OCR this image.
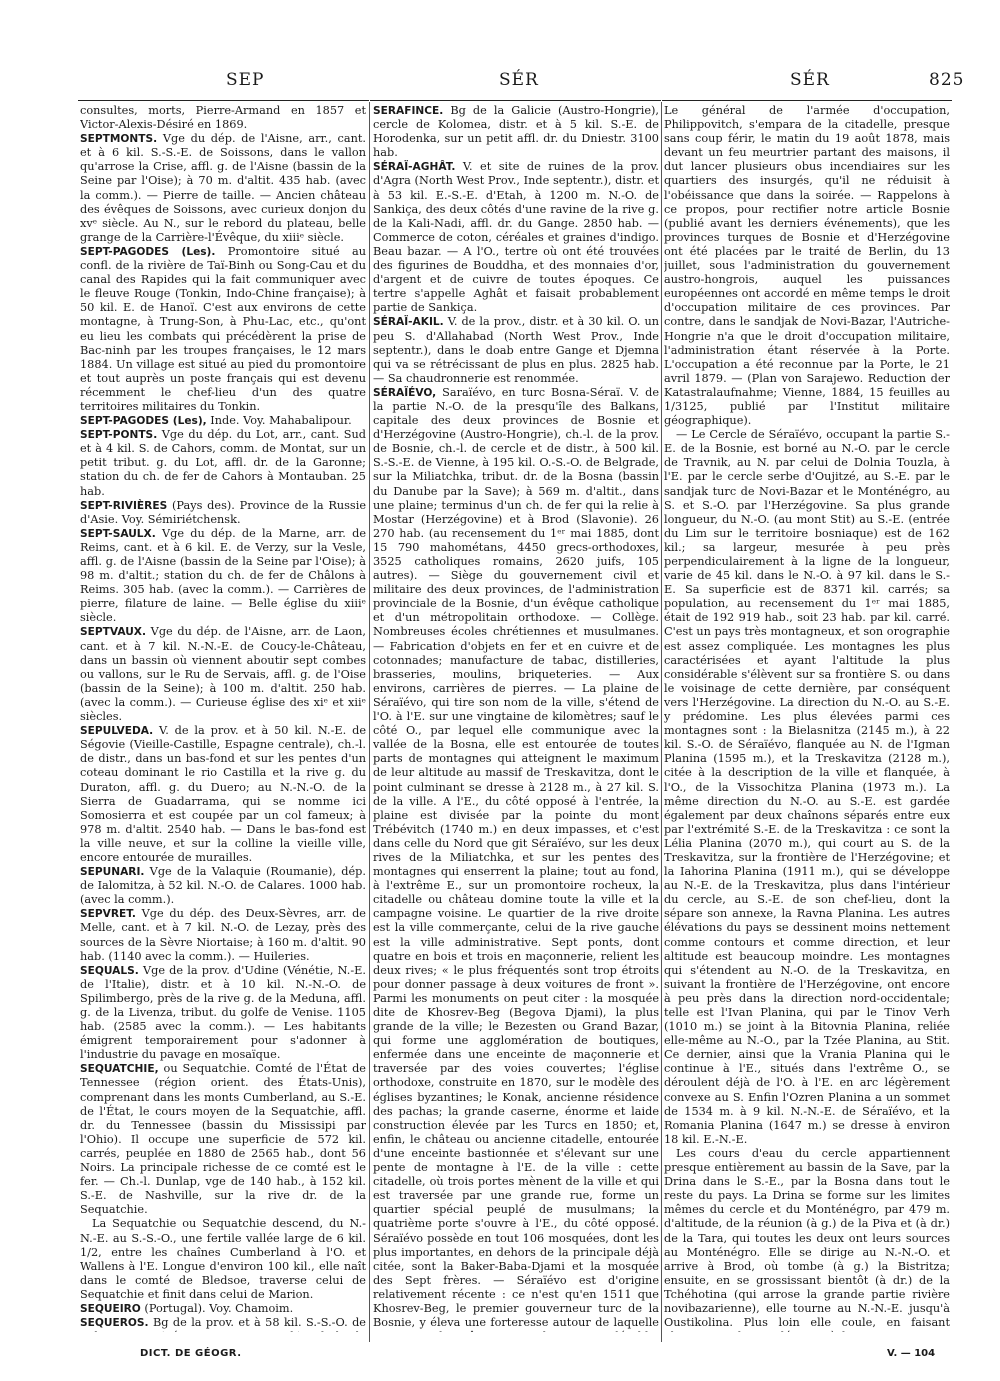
SEP	SÉR	SÉR	825

consultes, morts, Pierre-Armand en 1857 et Victor-Alexis-Désiré en 1869.

SEPTMONTS. Vge du dép. de l'Aisne, arr., cant. et à 6 kil. S.-S.-E. de Soissons, dans le vallon qu'arrose la Crise, affl. g. de l'Aisne (bassin de la Seine par l'Oise); à 70 m. d'altit. 435 hab. (avec la comm.). — Pierre de taille. — Ancien château des évêques de Soissons, avec curieux donjon du xvᵉ siècle. Au N., sur le rebord du plateau, belle grange de la Carrière-l'Évêque, du xiiiᵉ siècle.

SEPT-PAGODES (Les). Promontoire situé au confl. de la rivière de Taï-Binh ou Song-Cau et du canal des Rapides qui la fait communiquer avec le fleuve Rouge (Tonkin, Indo-Chine française); à 50 kil. E. de Hanoï. C'est aux environs de cette montagne, à Trung-Son, à Phu-Lac, etc., qu'ont eu lieu les combats qui précédèrent la prise de Bac-ninh par les troupes françaises, le 12 mars 1884. Un village est situé au pied du promontoire et tout auprès un poste français qui est devenu récemment le chef-lieu d'un des quatre territoires militaires du Tonkin.

SEPT-PAGODES (Les), Inde. Voy. Mahabalipour.

SEPT-PONTS. Vge du dép. du Lot, arr., cant. Sud et à 4 kil. S. de Cahors, comm. de Montat, sur un petit tribut. g. du Lot, affl. dr. de la Garonne; station du ch. de fer de Cahors à Montauban. 25 hab.

SEPT-RIVIÈRES (Pays des). Province de la Russie d'Asie. Voy. Sémiriétchensk.

SEPT-SAULX. Vge du dép. de la Marne, arr. de Reims, cant. et à 6 kil. E. de Verzy, sur la Vesle, affl. g. de l'Aisne (bassin de la Seine par l'Oise); à 98 m. d'altit.; station du ch. de fer de Châlons à Reims. 305 hab. (avec la comm.). — Carrières de pierre, filature de laine. — Belle église du xiiiᵉ siècle.

SEPTVAUX. Vge du dép. de l'Aisne, arr. de Laon, cant. et à 7 kil. N.-N.-E. de Coucy-le-Château, dans un bassin où viennent aboutir sept combes ou vallons, sur le Ru de Servais, affl. g. de l'Oise (bassin de la Seine); à 100 m. d'altit. 250 hab. (avec la comm.). — Curieuse église des xiᵉ et xiiᵉ siècles.

SEPULVEDA. V. de la prov. et à 50 kil. N.-E. de Ségovie (Vieille-Castille, Espagne centrale), ch.-l. de distr., dans un bas-fond et sur les pentes d'un coteau dominant le rio Castilla et la rive g. du Duraton, affl. g. du Duero; au N.-N.-O. de la Sierra de Guadarrama, qui se nomme ici Somosierra et est coupée par un col fameux; à 978 m. d'altit. 2540 hab. — Dans le bas-fond est la ville neuve, et sur la colline la vieille ville, encore entourée de murailles.

SEPUNARI. Vge de la Valaquie (Roumanie), dép. de Ialomitza, à 52 kil. N.-O. de Calares. 1000 hab. (avec la comm.).

SEPVRET. Vge du dép. des Deux-Sèvres, arr. de Melle, cant. et à 7 kil. N.-O. de Lezay, près des sources de la Sèvre Niortaise; à 160 m. d'altit. 90 hab. (1140 avec la comm.). — Huileries.

SEQUALS. Vge de la prov. d'Udine (Vénétie, N.-E. de l'Italie), distr. et à 10 kil. N.-N.-O. de Spilimbergo, près de la rive g. de la Meduna, affl. g. de la Livenza, tribut. du golfe de Venise. 1105 hab. (2585 avec la comm.). — Les habitants émigrent temporairement pour s'adonner à l'industrie du pavage en mosaïque.

SEQUATCHIE, ou Sequatchie. Comté de l'État de Tennessee (région orient. des États-Unis), comprenant dans les monts Cumberland, au S.-E. de l'État, le cours moyen de la Sequatchie, affl. dr. du Tennessee (bassin du Mississipi par l'Ohio). Il occupe une superficie de 572 kil. carrés, peuplée en 1880 de 2565 hab., dont 56 Noirs. La principale richesse de ce comté est le fer. — Ch.-l. Dunlap, vge de 140 hab., à 152 kil. S.-E. de Nashville, sur la rive dr. de la Sequatchie.

La Sequatchie ou Sequatchie descend, du N.-N.-E. au S.-S.-O., une fertile vallée large de 6 kil. 1/2, entre les chaînes Cumberland à l'O. et Wallens à l'E. Longue d'environ 100 kil., elle naît dans le comté de Bledsoe, traverse celui de Sequatchie et finit dans celui de Marion.

SEQUEIRO (Portugal). Voy. Chamoim.

SEQUEROS. Bg de la prov. et à 58 kil. S.-S.-O. de

SERAFINCE. Bg de la Galicie (Austro-Hongrie), cercle de Kolomea, distr. et à 5 kil. S.-E. de Horodenka, sur un petit affl. dr. du Dniestr. 3100 hab.

SÉRAÏ-AGHÂT. V. et site de ruines de la prov. d'Agra (North West Prov., Inde septentr.), distr. et à 53 kil. E.-S.-E. d'Etah, à 1200 m. N.-O. de Sankiça, des deux côtés d'une ravine de la rive g. de la Kali-Nadi, affl. dr. du Gange. 2850 hab. — Commerce de coton, céréales et graines d'indigo. Beau bazar. — A l'O., tertre où ont été trouvées des figurines de Bouddha, et des monnaies d'or, d'argent et de cuivre de toutes époques. Ce tertre s'appelle Aghât et faisait probablement partie de Sankiça.

SÉRAÏ-AKIL. V. de la prov., distr. et à 30 kil. O. un peu S. d'Allahabad (North West Prov., Inde septentr.), dans le doab entre Gange et Djemna qui va se rétrécissant de plus en plus. 2825 hab. — Sa chaudronnerie est renommée.

SÉRAÏÉVO, Saraïévo, en turc Bosna-Séraï. V. de la partie N.-O. de la presqu'île des Balkans, capitale des deux provinces de Bosnie et d'Herzégovine (Austro-Hongrie), ch.-l. de la prov. de Bosnie, ch.-l. de cercle et de distr., à 500 kil. S.-S.-E. de Vienne, à 195 kil. O.-S.-O. de Belgrade, sur la Miliatchka, tribut. dr. de la Bosna (bassin du Danube par la Save); à 569 m. d'altit., dans une plaine; terminus d'un ch. de fer qui la relie à Mostar (Herzégovine) et à Brod (Slavonie). 26 270 hab. (au recensement du 1ᵉʳ mai 1885, dont 15 790 mahométans, 4450 grecs-orthodoxes, 3525 catholiques romains, 2620 juifs, 105 autres). — Siège du gouvernement civil et militaire des deux provinces, de l'administration provinciale de la Bosnie, d'un évêque catholique et d'un métropolitain orthodoxe. — Collège. Nombreuses écoles chrétiennes et musulmanes. — Fabrication d'objets en fer et en cuivre et de cotonnades; manufacture de tabac, distilleries, brasseries, moulins, briqueteries. — Aux environs, carrières de pierres. — La plaine de Séraïévo, qui tire son nom de la ville, s'étend de l'O. à l'E. sur une vingtaine de kilomètres; sauf le côté O., par lequel elle communique avec la vallée de la Bosna, elle est entourée de toutes parts de montagnes qui atteignent le maximum de leur altitude au massif de Treskavitza, dont le point culminant se dresse à 2128 m., à 27 kil. S. de la ville. A l'E., du côté opposé à l'entrée, la plaine est divisée par la pointe du mont Trébévitch (1740 m.) en deux impasses, et c'est dans celle du Nord que git Séraïévo, sur les deux rives de la Miliatchka, et sur les pentes des montagnes qui enserrent la plaine; tout au fond, à l'extrême E., sur un promontoire rocheux, la citadelle ou château domine toute la ville et la campagne voisine. Le quartier de la rive droite est la ville commerçante, celui de la rive gauche est la ville administrative. Sept ponts, dont quatre en bois et trois en maçonnerie, relient les deux rives; « le plus fréquentés sont trop étroits pour donner passage à deux voitures de front ». Parmi les monuments on peut citer : la mosquée dite de Khosrev-Beg (Begova Djami), la plus grande de la ville; le Bezesten ou Grand Bazar, qui forme une agglomération de boutiques, enfermée dans une enceinte de maçonnerie et traversée par des voies couvertes; l'église orthodoxe, construite en 1870, sur le modèle des églises byzantines; le Konak, ancienne résidence des pachas; la grande caserne, énorme et laide construction élevée par les Turcs en 1850; et, enfin, le château ou ancienne citadelle, entourée d'une enceinte bastionnée et s'élevant sur une pente de montagne à l'E. de la ville : cette citadelle, où trois portes mènent de la ville et qui est traversée par une grande rue, forme un quartier spécial peuplé de musulmans; la quatrième porte s'ouvre à l'E., du côté opposé. Séraïévo possède en tout 106 mosquées, dont les plus importantes, en dehors de la principale déjà citée, sont la Baker-Baba-Djami et la mosquée des Sept frères. — Séraïévo est d'origine relativement récente : ce n'est qu'en 1511 que Khosrev-Beg, le premier gouverneur turc de la Bosnie, y éleva une forteresse autour de laquelle

Le général de l'armée d'occupation, Philippovitch, s'empara de la citadelle, presque sans coup férir, le matin du 19 août 1878, mais devant un feu meurtrier partant des maisons, il dut lancer plusieurs obus incendiaires sur les quartiers des insurgés, qu'il ne réduisit à l'obéissance que dans la soirée. — Rappelons à ce propos, pour rectifier notre article Bosnie (publié avant les derniers événements), que les provinces turques de Bosnie et d'Herzégovine ont été placées par le traité de Berlin, du 13 juillet, sous l'administration du gouvernement austro-hongrois, auquel les puissances européennes ont accordé en même temps le droit d'occupation militaire de ces provinces. Par contre, dans le sandjak de Novi-Bazar, l'Autriche-Hongrie n'a que le droit d'occupation militaire, l'administration étant réservée à la Porte. L'occupation a été reconnue par la Porte, le 21 avril 1879. — (Plan von Sarajewo. Reduction der Katastralaufnahme; Vienne, 1884, 15 feuilles au 1/3125, publié par l'Institut militaire géographique).

— Le Cercle de Séraïévo, occupant la partie S.-E. de la Bosnie, est borné au N.-O. par le cercle de Travnik, au N. par celui de Dolnia Touzla, à l'E. par le cercle serbe d'Oujitzé, au S.-E. par le sandjak turc de Novi-Bazar et le Monténégro, au S. et S.-O. par l'Herzégovine. Sa plus grande longueur, du N.-O. (au mont Stit) au S.-E. (entrée du Lim sur le territoire bosniaque) est de 162 kil.; sa largeur, mesurée à peu près perpendiculairement à la ligne de la longueur, varie de 45 kil. dans le N.-O. à 97 kil. dans le S.-E. Sa superficie est de 8371 kil. carrés; sa population, au recensement du 1ᵉʳ mai 1885, était de 192 919 hab., soit 23 hab. par kil. carré. C'est un pays très montagneux, et son orographie est assez compliquée. Les montagnes les plus caractérisées et ayant l'altitude la plus considérable s'élèvent sur sa frontière S. ou dans le voisinage de cette dernière, par conséquent vers l'Herzégovine. La direction du N.-O. au S.-E. y prédomine. Les plus élevées parmi ces montagnes sont : la Bielasnitza (2145 m.), à 22 kil. S.-O. de Séraïévo, flanquée au N. de l'Igman Planina (1595 m.), et la Treskavitza (2128 m.), citée à la description de la ville et flanquée, à l'O., de la Vissochitza Planina (1973 m.). La même direction du N.-O. au S.-E. est gardée également par deux chaînons séparés entre eux par l'extrémité S.-E. de la Treskavitza : ce sont la Lélia Planina (2070 m.), qui court au S. de la Treskavitza, sur la frontière de l'Herzégovine; et la Iahorina Planina (1911 m.), qui se développe au N.-E. de la Treskavitza, plus dans l'intérieur du cercle, au S.-E. de son chef-lieu, dont la sépare son annexe, la Ravna Planina. Les autres élévations du pays se dessinent moins nettement comme contours et comme direction, et leur altitude est beaucoup moindre. Les montagnes qui s'étendent au N.-O. de la Treskavitza, en suivant la frontière de l'Herzégovine, ont encore à peu près dans la direction nord-occidentale; telle est l'Ivan Planina, qui par le Tinov Verh (1010 m.) se joint à la Bitovnia Planina, reliée elle-même au N.-O., par la Tzée Planina, au Stit. Ce dernier, ainsi que la Vrania Planina qui le continue à l'E., situés dans l'extrême O., se déroulent déjà de l'O. à l'E. en arc légèrement convexe au S. Enfin l'Ozren Planina a un sommet de 1534 m. à 9 kil. N.-N.-E. de Séraïévo, et la Romania Planina (1647 m.) se dresse à environ 18 kil. E.-N.-E.

Les cours d'eau du cercle appartiennent presque entièrement au bassin de la Save, par la Drina dans le S.-E., par la Bosna dans tout le reste du pays. La Drina se forme sur les limites mêmes du cercle et du Monténégro, par 479 m. d'altitude, de la réunion (à g.) de la Piva et (à dr.) de la Tara, qui toutes les deux ont leurs sources au Monténégro. Elle se dirige au N.-N.-O. et arrive à Brod, où tombe (à g.) la Bistritza; ensuite, en se grossissant bientôt (à dr.) de la Tchéhotina (qui arrose la grande partie rivière novibazarienne), elle tourne au N.-N.-E. jusqu'à Oustikolina. Plus loin elle coule, en faisant

DICT. DE GÉOGR.	V. — 104
